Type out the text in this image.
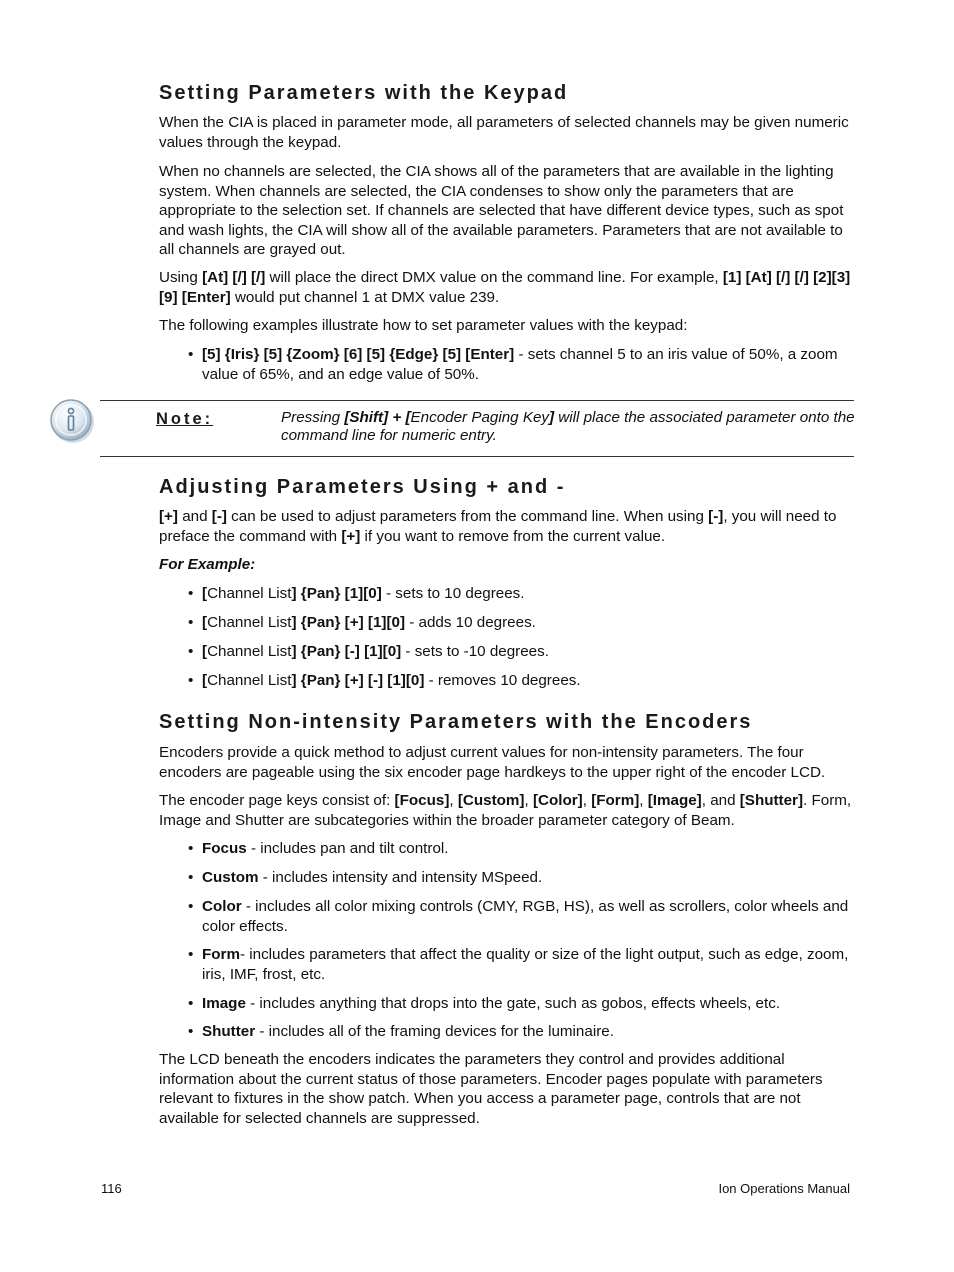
Setting Parameters with the Keypad

When the CIA is placed in parameter mode, all parameters of selected channels may be given numeric values through the keypad.

When no channels are selected, the CIA shows all of the parameters that are available in the lighting system. When channels are selected, the CIA condenses to show only the parameters that are appropriate to the selection set. If channels are selected that have different device types, such as spot and wash lights, the CIA will show all of the available parameters. Parameters that are not available to all channels are grayed out.

Using [At] [/] [/] will place the direct DMX value on the command line. For example, [1] [At] [/] [/] [2][3][9] [Enter] would put channel 1 at DMX value 239.

The following examples illustrate how to set parameter values with the keypad:

• [5] {Iris} [5] {Zoom} [6] [5] {Edge} [5] [Enter] - sets channel 5 to an iris value of 50%, a zoom value of 65%, and an edge value of 50%.
Note:	Pressing [Shift] + [Encoder Paging Key] will place the associated parameter onto the command line for numeric entry.
Adjusting Parameters Using + and -

[+] and [-] can be used to adjust parameters from the command line. When using [-], you will need to preface the command with [+] if you want to remove from the current value.

For Example:

• [Channel List] {Pan} [1][0] - sets to 10 degrees.
• [Channel List] {Pan} [+] [1][0] - adds 10 degrees.
• [Channel List] {Pan} [-] [1][0] - sets to -10 degrees.
• [Channel List] {Pan} [+] [-] [1][0] - removes 10 degrees.
Setting Non-intensity Parameters with the Encoders

Encoders provide a quick method to adjust current values for non-intensity parameters. The four encoders are pageable using the six encoder page hardkeys to the upper right of the encoder LCD.

The encoder page keys consist of: [Focus], [Custom], [Color], [Form], [Image], and [Shutter]. Form, Image and Shutter are subcategories within the broader parameter category of Beam.

• Focus - includes pan and tilt control.
• Custom - includes intensity and intensity MSpeed.
• Color - includes all color mixing controls (CMY, RGB, HS), as well as scrollers, color wheels and color effects.
• Form- includes parameters that affect the quality or size of the light output, such as edge, zoom, iris, IMF, frost, etc.
• Image - includes anything that drops into the gate, such as gobos, effects wheels, etc.
• Shutter - includes all of the framing devices for the luminaire.

The LCD beneath the encoders indicates the parameters they control and provides additional information about the current status of those parameters. Encoder pages populate with parameters relevant to fixtures in the show patch. When you access a parameter page, controls that are not available for selected channels are suppressed.

116	Ion Operations Manual
